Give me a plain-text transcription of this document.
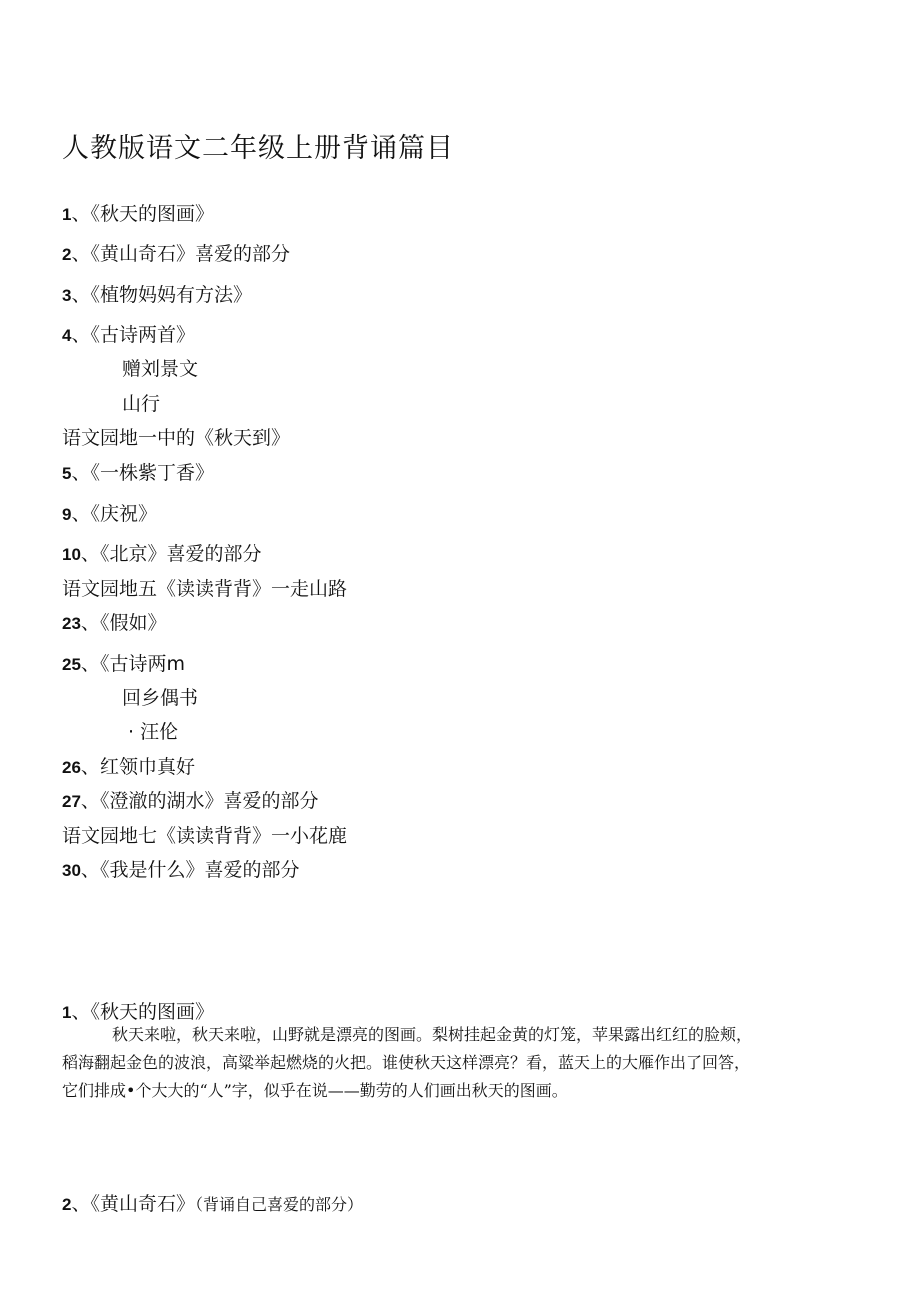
人教版语文二年级上册背诵篇目
1、《秋天的图画》
2、《黄山奇石》喜爱的部分
3、《植物妈妈有方法》
4、《古诗两首》
赠刘景文
山行
语文园地一中的《秋天到》
5、《一株紫丁香》
9、《庆祝》
10、《北京》喜爱的部分
语文园地五《读读背背》一走山路
23、《假如》
25、《古诗两m
回乡偶书
· 汪伦
26、红领巾真好
27、《澄澈的湖水》喜爱的部分
语文园地七《读读背背》一小花鹿
30、《我是什么》喜爱的部分
1、《秋天的图画》
秋天来啦，秋天来啦，山野就是漂亮的图画。梨树挂起金黄的灯笼，苹果露出红红的脸颊，
稻海翻起金色的波浪，高粱举起燃烧的火把。谁使秋天这样漂亮？看，蓝天上的大雁作出了回答，
它们排成•个大大的“人”字，似乎在说——勤劳的人们画出秋天的图画。
2、《黄山奇石》（背诵自己喜爱的部分）
